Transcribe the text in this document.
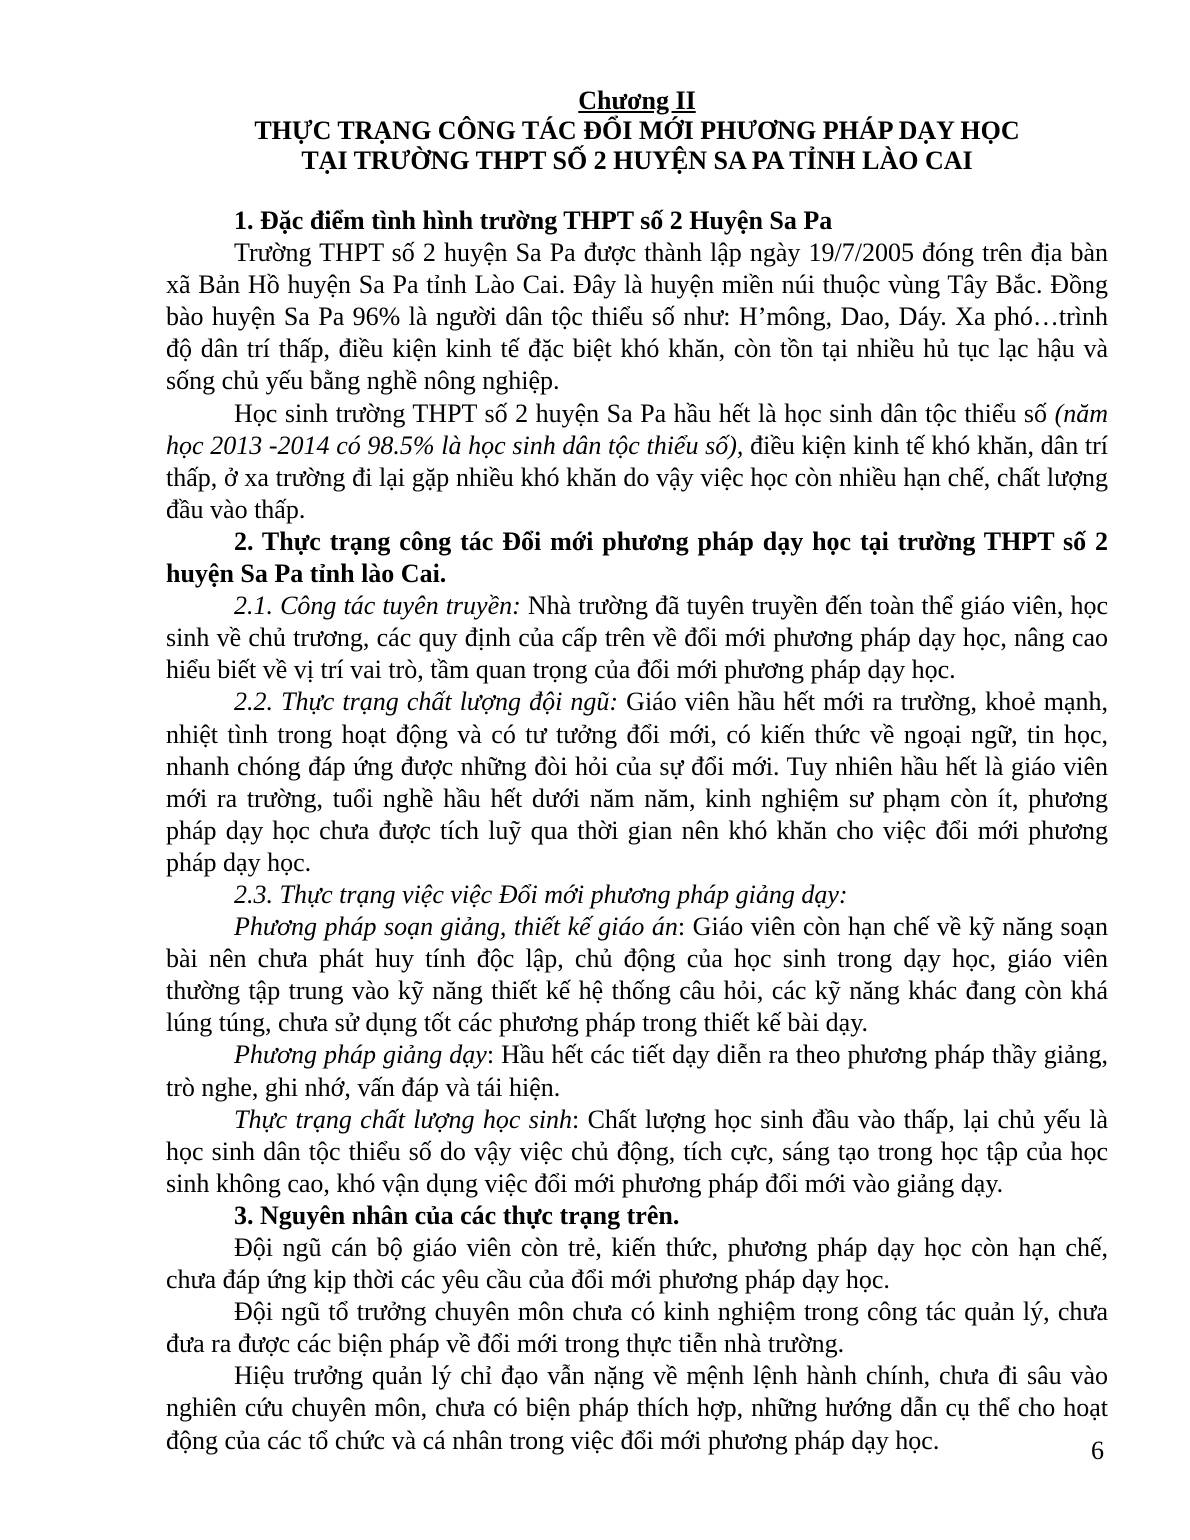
Chương II
THỰC TRẠNG CÔNG TÁC ĐỔI MỚI PHƯƠNG PHÁP DẠY HỌC
TẠI TRƯỜNG THPT SỐ 2 HUYỆN SA PA TỈNH LÀO CAI

1. Đặc điểm tình hình trường THPT số 2 Huyện Sa Pa

Trường THPT số 2 huyện Sa Pa được thành lập ngày 19/7/2005 đóng trên địa bàn xã Bản Hồ huyện Sa Pa tỉnh Lào Cai. Đây là huyện miền núi thuộc vùng Tây Bắc. Đồng bào huyện Sa Pa 96% là người dân tộc thiểu số như: H’mông, Dao, Dáy. Xa phó…trình độ dân trí thấp, điều kiện kinh tế đặc biệt khó khăn, còn tồn tại nhiều hủ tục lạc hậu và sống chủ yếu bằng nghề nông nghiệp.

Học sinh trường THPT số 2 huyện Sa Pa hầu hết là học sinh dân tộc thiểu số (năm học 2013 -2014 có 98.5% là học sinh dân tộc thiểu số), điều kiện kinh tế khó khăn, dân trí thấp, ở xa trường đi lại gặp nhiều khó khăn do vậy việc học còn nhiều hạn chế, chất lượng đầu vào thấp.

2. Thực trạng công tác Đổi mới phương pháp dạy học tại trường THPT số 2 huyện Sa Pa tỉnh lào Cai.

2.1. Công tác tuyên truyền: Nhà trường đã tuyên truyền đến toàn thể giáo viên, học sinh về chủ trương, các quy định của cấp trên về đổi mới phương pháp dạy học, nâng cao hiểu biết về vị trí vai trò, tầm quan trọng của đổi mới phương pháp dạy học.

2.2. Thực trạng chất lượng đội ngũ: Giáo viên hầu hết mới ra trường, khoẻ mạnh, nhiệt tình trong hoạt động và có tư tưởng đổi mới, có kiến thức về ngoại ngữ, tin học, nhanh chóng đáp ứng được những đòi hỏi của sự đổi mới. Tuy nhiên hầu hết là giáo viên mới ra trường, tuổi nghề hầu hết dưới năm năm, kinh nghiệm sư phạm còn ít, phương pháp dạy học chưa được tích luỹ qua thời gian nên khó khăn cho việc đổi mới phương pháp dạy học.

2.3. Thực trạng việc việc Đổi mới phương pháp giảng dạy:

Phương pháp soạn giảng, thiết kế giáo án: Giáo viên còn hạn chế về kỹ năng soạn bài nên chưa phát huy tính độc lập, chủ động của học sinh trong dạy học, giáo viên thường tập trung vào kỹ năng thiết kế hệ thống câu hỏi, các kỹ năng khác đang còn khá lúng túng, chưa sử dụng tốt các phương pháp trong thiết kế bài dạy.

Phương pháp giảng dạy: Hầu hết các tiết dạy diễn ra theo phương pháp thầy giảng, trò nghe, ghi nhớ, vấn đáp và tái hiện.

Thực trạng chất lượng học sinh: Chất lượng học sinh đầu vào thấp, lại chủ yếu là học sinh dân tộc thiểu số do vậy việc chủ động, tích cực, sáng tạo trong học tập của học sinh không cao, khó vận dụng việc đổi mới phương pháp đổi mới vào giảng dạy.

3. Nguyên nhân của các thực trạng trên.

Đội ngũ cán bộ giáo viên còn trẻ, kiến thức, phương pháp dạy học còn hạn chế, chưa đáp ứng kịp thời các yêu cầu của đổi mới phương pháp dạy học.

Đội ngũ tổ trưởng chuyên môn chưa có kinh nghiệm trong công tác quản lý, chưa đưa ra được các biện pháp về đổi mới trong thực tiễn nhà trường.

Hiệu trưởng quản lý chỉ đạo vẫn nặng về mệnh lệnh hành chính, chưa đi sâu vào nghiên cứu chuyên môn, chưa có biện pháp thích hợp, những hướng dẫn cụ thể cho hoạt động của các tổ chức và cá nhân trong việc đổi mới phương pháp dạy học.	6
